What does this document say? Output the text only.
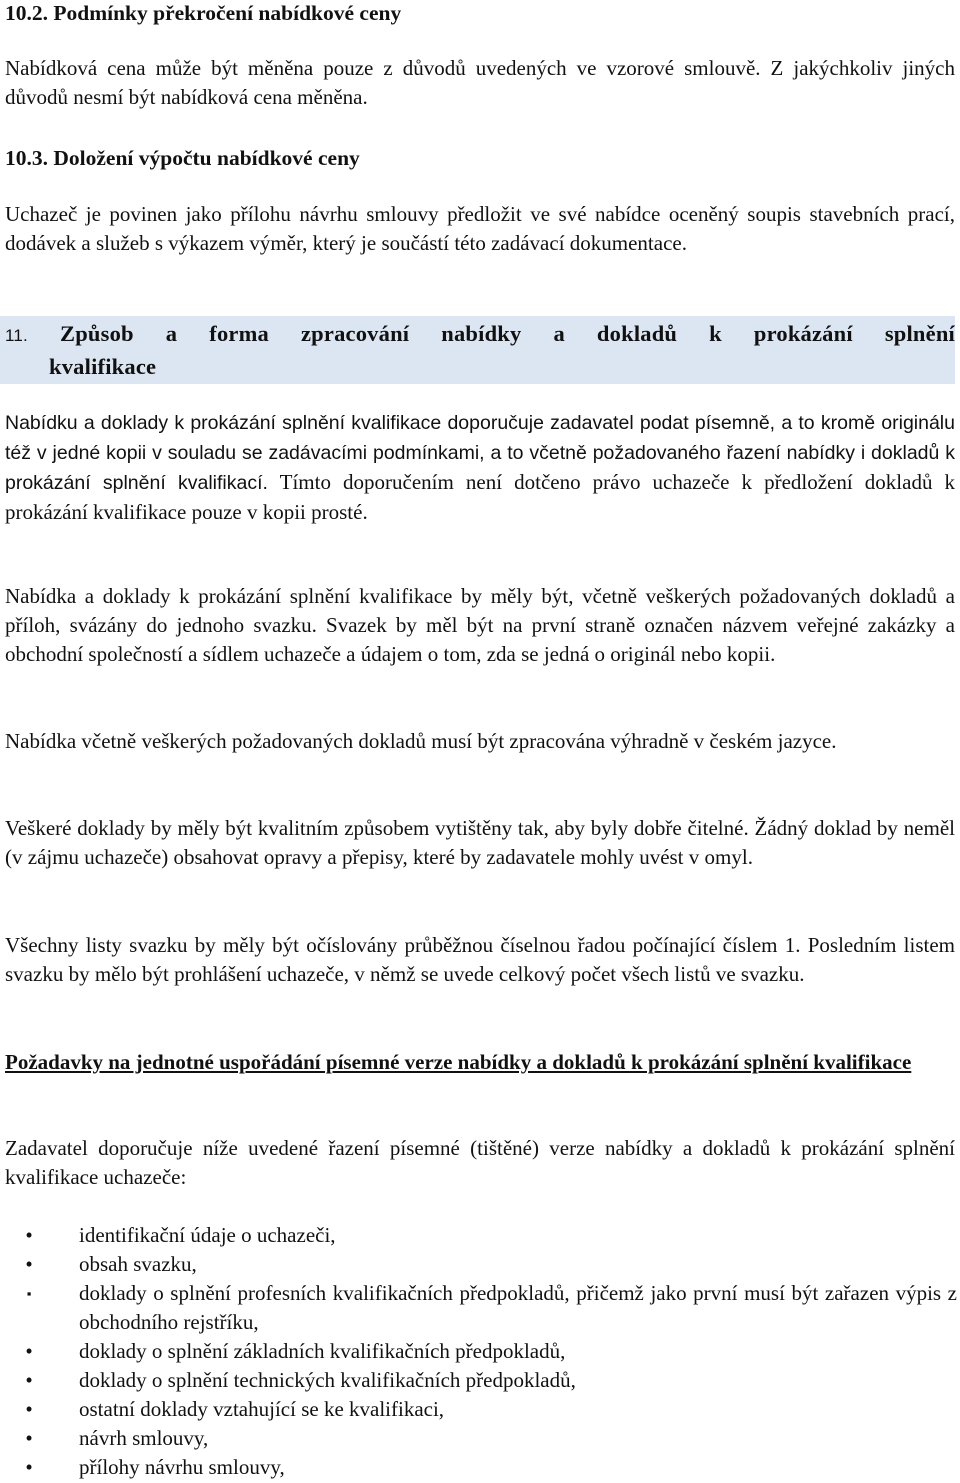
10.2. Podmínky překročení nabídkové ceny

Nabídková cena může být měněna pouze z důvodů uvedených ve vzorové smlouvě. Z jakýchkoliv jiných důvodů nesmí být nabídková cena měněna.

10.3. Doložení výpočtu nabídkové ceny

Uchazeč je povinen jako přílohu návrhu smlouvy předložit ve své nabídce oceněný soupis stavebních prací, dodávek a služeb s výkazem výměr, který je součástí této zadávací dokumentace.

11. Způsob a forma zpracování nabídky a dokladů k prokázání splnění
kvalifikace

Nabídku a doklady k prokázání splnění kvalifikace doporučuje zadavatel podat písemně, a to kromě originálu též v jedné kopii v souladu se zadávacími podmínkami, a to včetně požadovaného řazení nabídky i dokladů k prokázání splnění kvalifikací. Tímto doporučením není dotčeno právo uchazeče k předložení dokladů k prokázání kvalifikace pouze v kopii prosté.

Nabídka a doklady k prokázání splnění kvalifikace by měly být, včetně veškerých požadovaných dokladů a příloh, svázány do jednoho svazku. Svazek by měl být na první straně označen názvem veřejné zakázky a obchodní společností a sídlem uchazeče a údajem o tom, zda se jedná o originál nebo kopii.

Nabídka včetně veškerých požadovaných dokladů musí být zpracována výhradně v českém jazyce.

Veškeré doklady by měly být kvalitním způsobem vytištěny tak, aby byly dobře čitelné. Žádný doklad by neměl (v zájmu uchazeče) obsahovat opravy a přepisy, které by zadavatele mohly uvést v omyl.

Všechny listy svazku by měly být očíslovány průběžnou číselnou řadou počínající číslem 1. Posledním listem svazku by mělo být prohlášení uchazeče, v němž se uvede celkový počet všech listů ve svazku.

Požadavky na jednotné uspořádání písemné verze nabídky a dokladů k prokázání splnění kvalifikace

Zadavatel doporučuje níže uvedené řazení písemné (tištěné) verze nabídky a dokladů k prokázání splnění kvalifikace uchazeče:

•	identifikační údaje o uchazeči,
•	obsah svazku,
▪	doklady o splnění profesních kvalifikačních předpokladů, přičemž jako první musí být zařazen výpis z obchodního rejstříku,
•	doklady o splnění základních kvalifikačních předpokladů,
•	doklady o splnění technických kvalifikačních předpokladů,
•	ostatní doklady vztahující se ke kvalifikaci,
•	návrh smlouvy,
•	přílohy návrhu smlouvy,
